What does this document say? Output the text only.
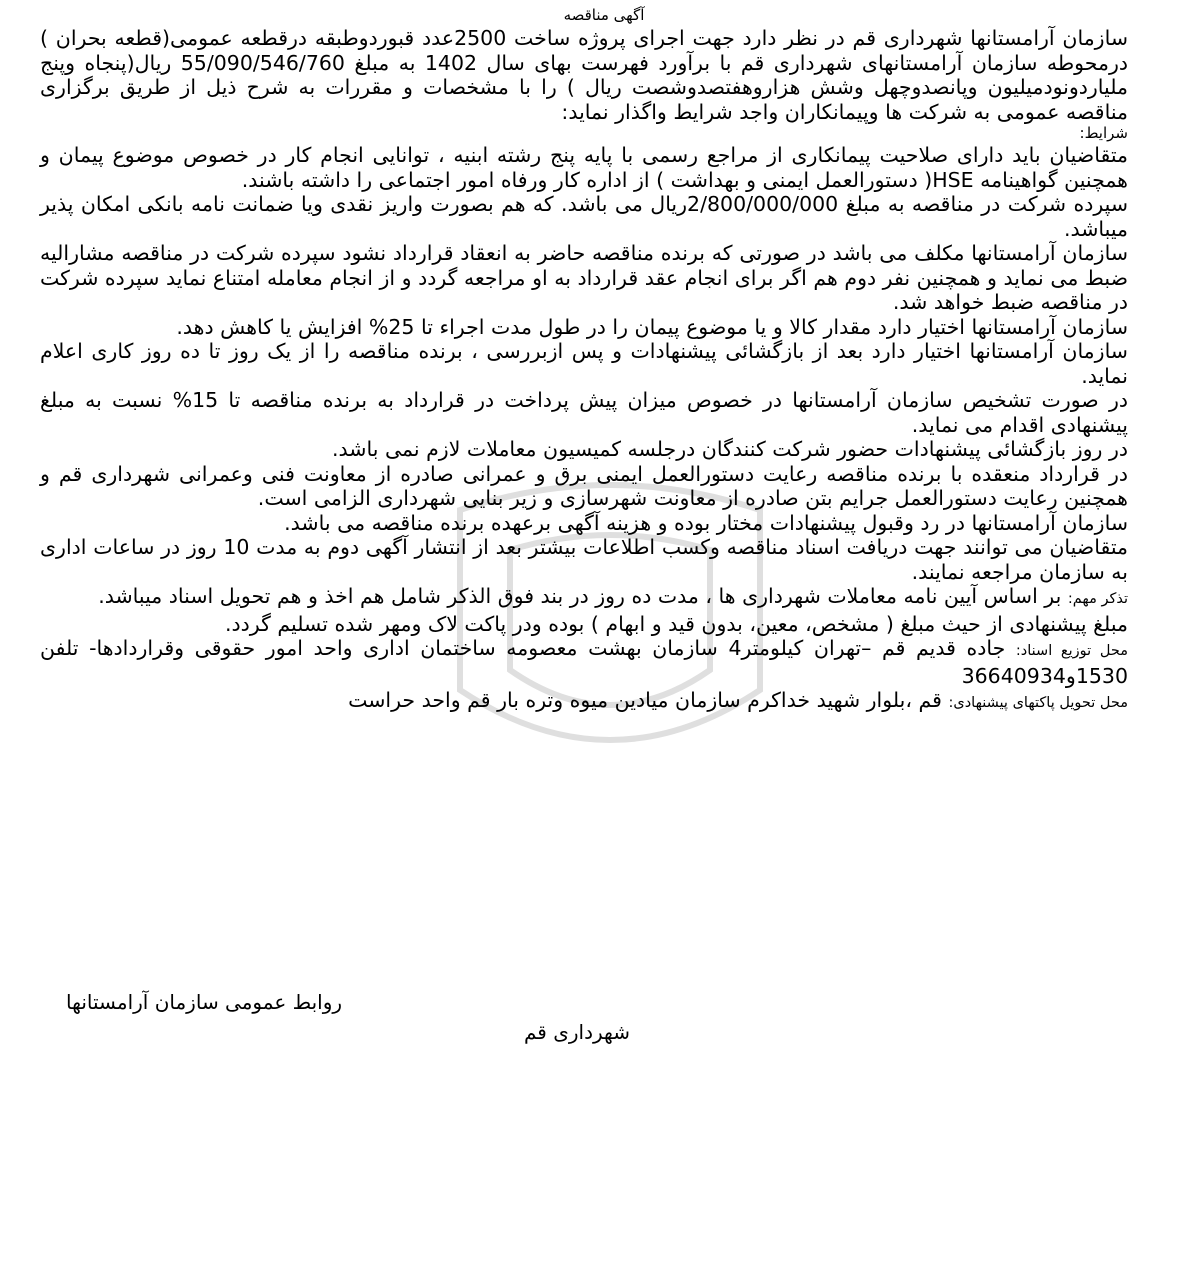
آگهی مناقصه

سازمان آرامستانها شهرداری قم در نظر دارد جهت اجرای پروژه ساخت 2500عدد قبوردوطبقه درقطعه عمومی(قطعه بحران ) درمحوطه سازمان آرامستانهای شهرداری قم با برآورد فهرست بهای سال 1402 به مبلغ 55/090/546/760 ریال(پنجاه وپنج ملیاردونودمیلیون وپانصدوچهل وشش هزاروهفتصدوشصت ریال ) را با مشخصات و مقررات به شرح ذیل از طریق برگزاری مناقصه عمومی به شرکت ها وپیمانکاران واجد شرایط واگذار نماید:

شرایط:

متقاضیان باید دارای صلاحیت پیمانکاری از مراجع رسمی با پایه پنج رشته ابنیه ، توانایی انجام کار در خصوص موضوع پیمان و همچنین گواهینامه HSE( دستورالعمل ایمنی و بهداشت ) از اداره کار ورفاه امور اجتماعی را داشته باشند.

سپرده شرکت در مناقصه به مبلغ 2/800/000/000ریال می باشد. که هم بصورت واریز نقدی ویا ضمانت نامه بانکی امکان پذیر میباشد.

سازمان آرامستانها مکلف می باشد در صورتی که برنده مناقصه حاضر به انعقاد قرارداد نشود سپرده شرکت در مناقصه مشارالیه ضبط می نماید و همچنین نفر دوم هم اگر برای انجام عقد قرارداد به او مراجعه گردد و از انجام معامله امتناع نماید سپرده شرکت در مناقصه ضبط خواهد شد.

سازمان آرامستانها اختیار دارد مقدار کالا و یا موضوع پیمان را در طول مدت اجراء تا 25% افزایش یا کاهش دهد.

سازمان آرامستانها اختیار دارد بعد از بازگشائی پیشنهادات و پس ازبررسی ، برنده مناقصه را از یک روز تا ده روز کاری اعلام نماید.

در صورت تشخیص سازمان آرامستانها در خصوص میزان پیش پرداخت در قرارداد به برنده مناقصه تا 15% نسبت به مبلغ پیشنهادی اقدام می نماید.

در روز بازگشائی پیشنهادات حضور شرکت کنندگان درجلسه کمیسیون معاملات لازم نمی باشد.

در قرارداد منعقده با برنده مناقصه رعایت دستورالعمل ایمنی برق و عمرانی صادره از معاونت فنی وعمرانی شهرداری قم و همچنین رعایت دستورالعمل جرایم بتن صادره از معاونت شهرسازی و زیر بنایی شهرداری الزامی است.

سازمان آرامستانها در رد وقبول پیشنهادات مختار بوده و هزینه آگهی برعهده برنده مناقصه می باشد.

متقاضیان می توانند جهت دریافت اسناد مناقصه وکسب اطلاعات بیشتر بعد از انتشار آگهی دوم به مدت 10 روز در ساعات اداری به سازمان مراجعه نمایند.

تذکر مهم: بر اساس آیین نامه معاملات شهرداری ها ، مدت ده روز در بند فوق الذکر شامل هم اخذ و هم تحویل اسناد میباشد.

مبلغ پیشنهادی از حیث مبلغ ( مشخص، معین، بدون قید و ابهام ) بوده ودر پاکت لاک ومهر شده تسلیم گردد.

محل توزیع اسناد: جاده قدیم قم –تهران کیلومتر4 سازمان بهشت معصومه ساختمان اداری واحد امور حقوقی وقراردادها- تلفن 1530و36640934

محل تحویل پاکتهای پیشنهادی: قم ،بلوار شهید خداکرم سازمان میادین میوه وتره بار قم واحد حراست

روابط عمومی سازمان آرامستانها
شهرداری قم
